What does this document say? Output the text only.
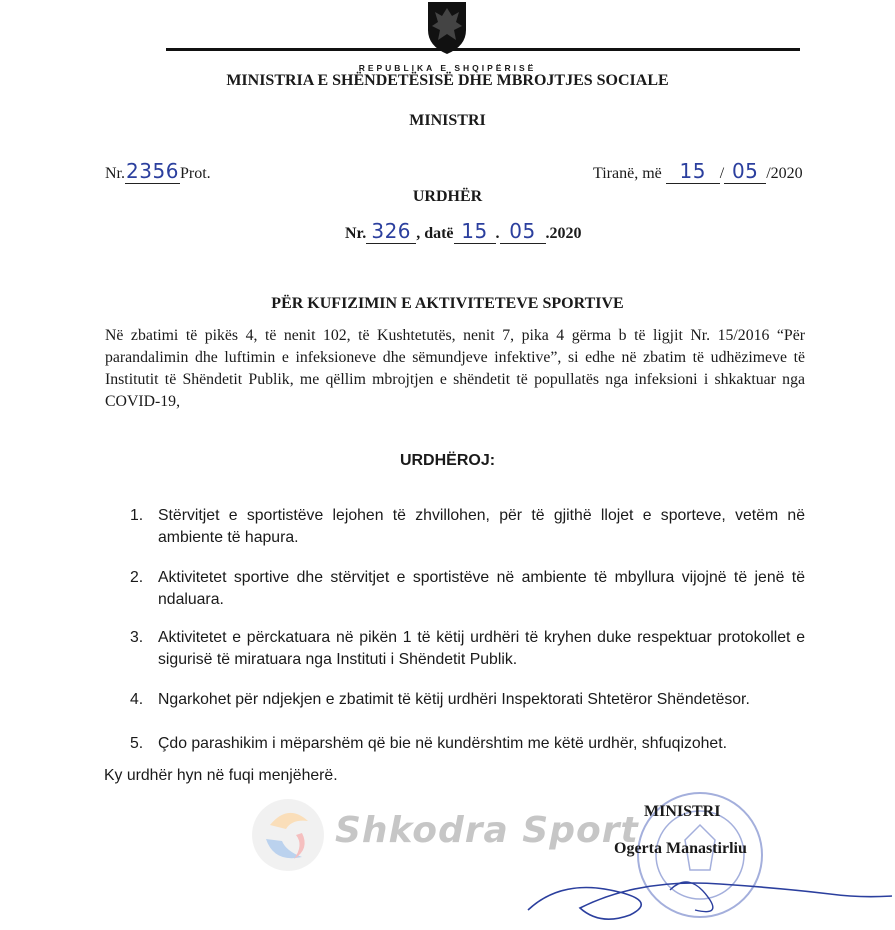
REPUBLIKA E SHQIPËRISË
MINISTRIA E SHËNDETËSISË DHE MBROJTJES SOCIALE
MINISTRI
Nr.2356Prot.	Tiranë, më 15 / 05 /2020
URDHËR
Nr. 326 , datë 15 . 05 .2020
PËR KUFIZIMIN E AKTIVITETEVE SPORTIVE
Në zbatimi të pikës 4, të nenit 102, të Kushtetutës, nenit 7, pika 4 gërma b të ligjit Nr. 15/2016 “Për parandalimin dhe luftimin e infeksioneve dhe sëmundjeve infektive”, si edhe në zbatim të udhëzimeve të Institutit të Shëndetit Publik, me qëllim mbrojtjen e shëndetit të popullatës nga infeksioni i shkaktuar nga COVID-19,
URDHËROJ:
1. Stërvitjet e sportistëve lejohen të zhvillohen, për të gjithë llojet e sporteve, vetëm në ambiente të hapura.
2. Aktivitetet sportive dhe stërvitjet e sportistëve në ambiente të mbyllura vijojnë të jenë të ndaluara.
3. Aktivitetet e përckatuara në pikën 1 të këtij urdhëri të kryhen duke respektuar protokollet e sigurisë të miratuara nga Instituti i Shëndetit Publik.
4. Ngarkohet për ndjekjen e zbatimit të këtij urdhëri Inspektorati Shtetëror Shëndetësor.
5. Çdo parashikim i mëparshëm që bie në kundërshtim me këtë urdhër, shfuqizohet.
Ky urdhër hyn në fuqi menjëherë.
Shkodra Sport MINISTRI
Ogerta Manastirliu
